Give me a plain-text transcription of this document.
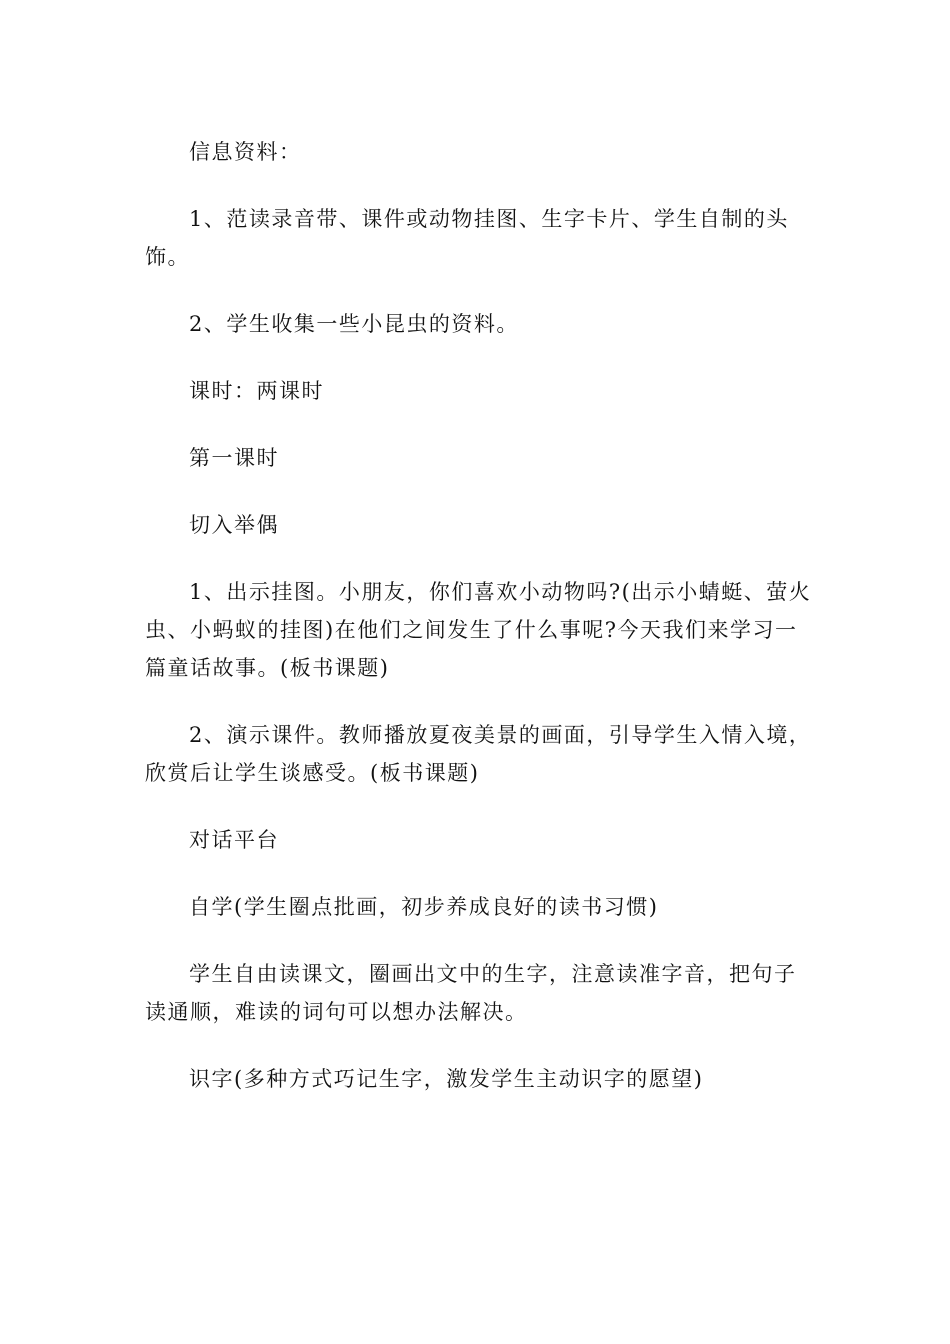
信息资料：

1、范读录音带、课件或动物挂图、生字卡片、学生自制的头饰。

2、学生收集一些小昆虫的资料。

课时：两课时

第一课时

切入举偶

1、出示挂图。小朋友，你们喜欢小动物吗?(出示小蜻蜓、萤火虫、小蚂蚁的挂图)在他们之间发生了什么事呢?今天我们来学习一篇童话故事。(板书课题)

2、演示课件。教师播放夏夜美景的画面，引导学生入情入境，欣赏后让学生谈感受。(板书课题)

对话平台

自学(学生圈点批画，初步养成良好的读书习惯)

学生自由读课文，圈画出文中的生字，注意读准字音，把句子读通顺，难读的词句可以想办法解决。

识字(多种方式巧记生字，激发学生主动识字的愿望)
